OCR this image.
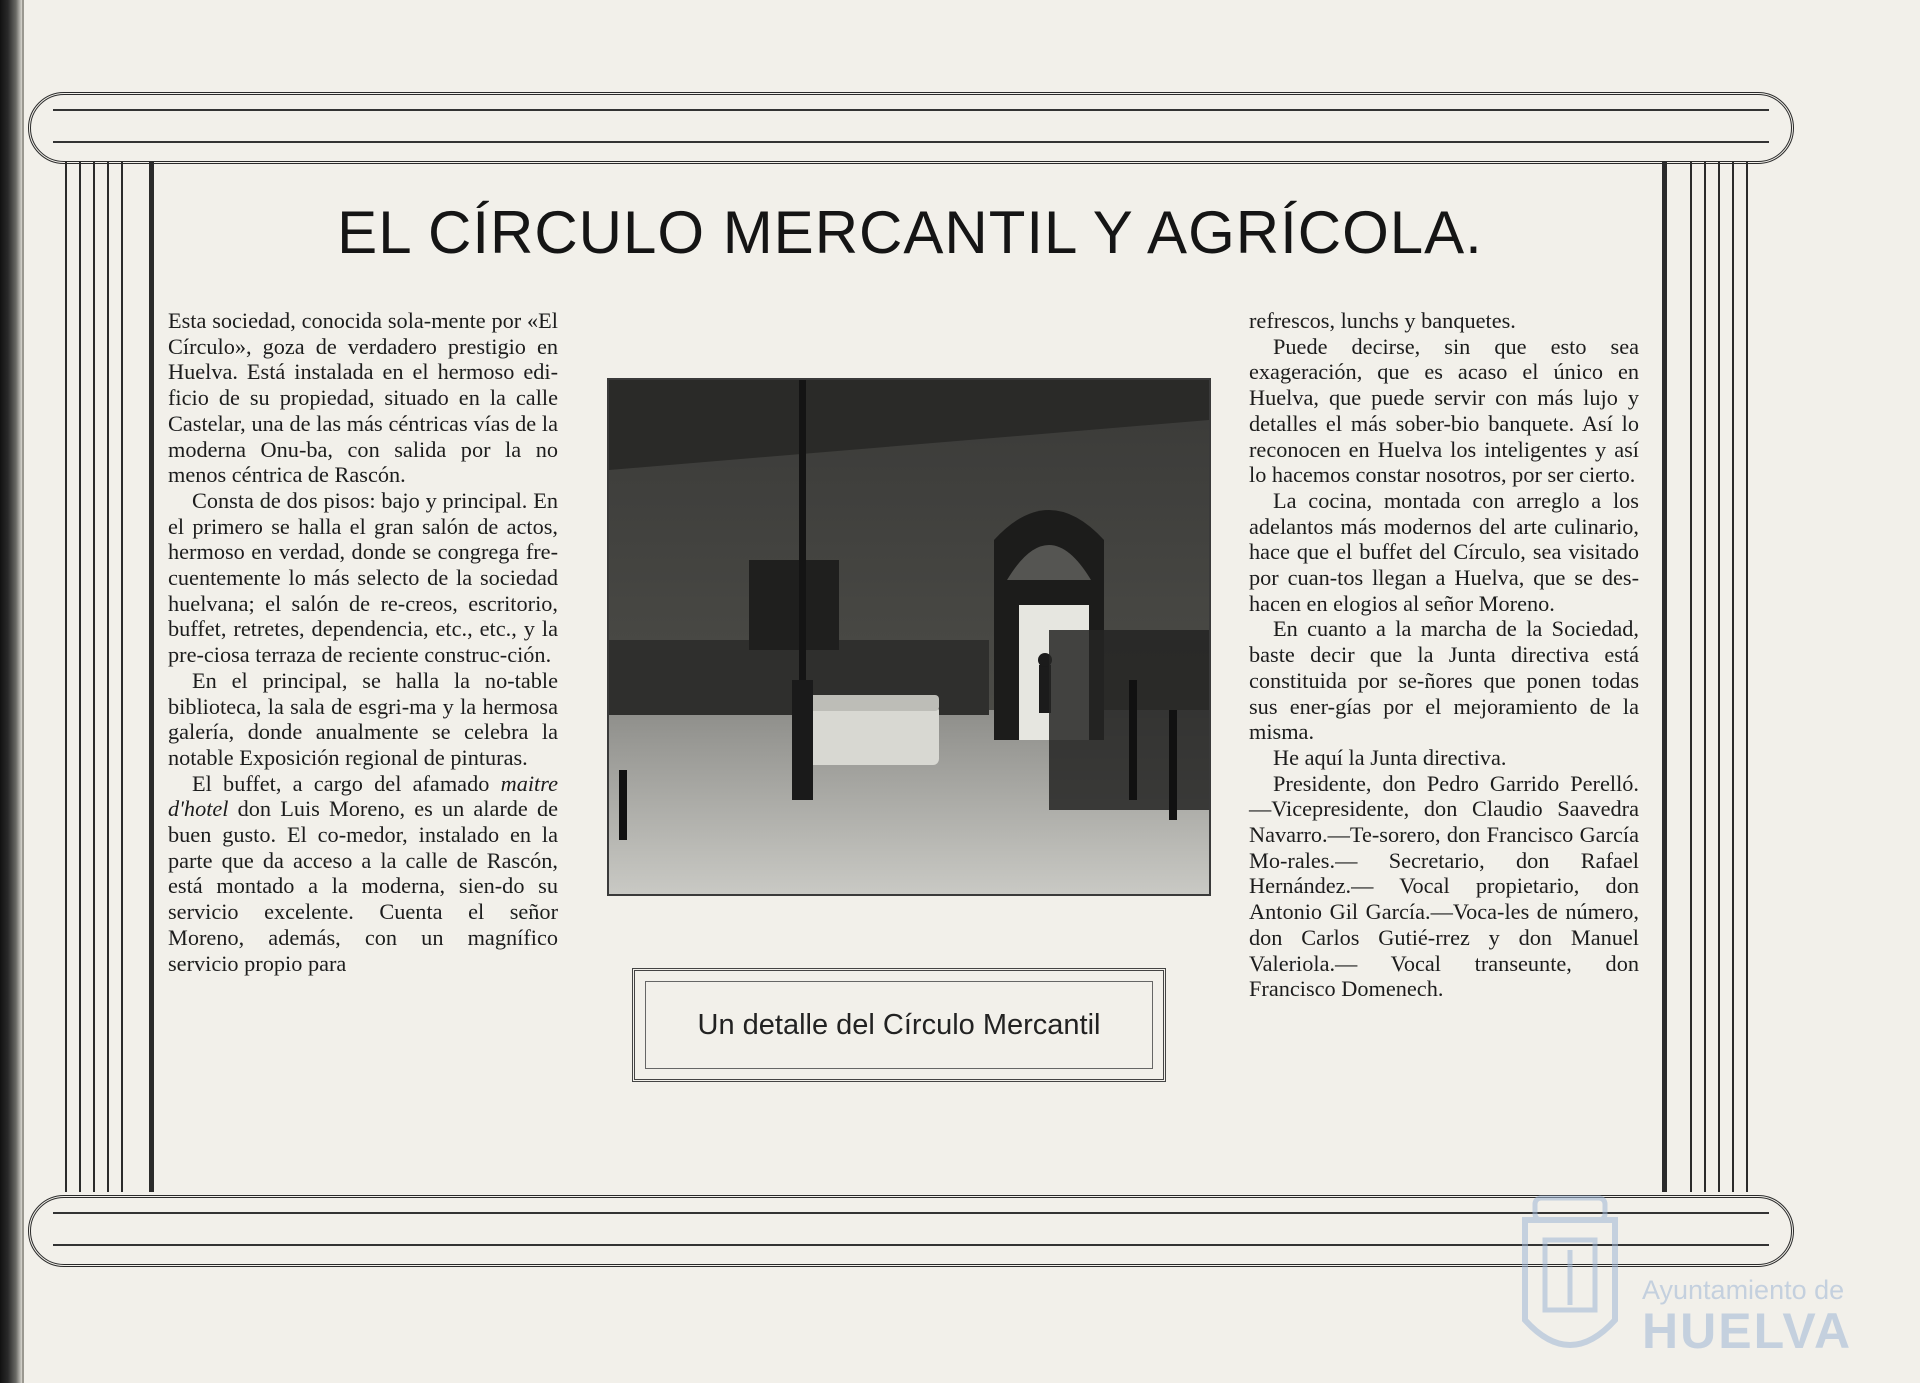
EL CÍRCULO MERCANTIL Y AGRÍCOLA.

Esta sociedad, conocida sola-mente por «El Círculo», goza de verdadero prestigio en Huelva. Está instalada en el hermoso edi-ficio de su propiedad, situado en la calle Castelar, una de las más céntricas vías de la moderna Onu-ba, con salida por la no menos céntrica de Rascón.

Consta de dos pisos: bajo y principal. En el primero se halla el gran salón de actos, hermoso en verdad, donde se congrega fre-cuentemente lo más selecto de la sociedad huelvana; el salón de re-creos, escritorio, buffet, retretes, dependencia, etc., etc., y la pre-ciosa terraza de reciente construc-ción.

En el principal, se halla la no-table biblioteca, la sala de esgri-ma y la hermosa galería, donde anualmente se celebra la notable Exposición regional de pinturas.

El buffet, a cargo del afamado maitre d'hotel don Luis Moreno, es un alarde de buen gusto. El co-medor, instalado en la parte que da acceso a la calle de Rascón, está montado a la moderna, sien-do su servicio excelente. Cuenta el señor Moreno, además, con un magnífico servicio propio para

Un detalle del Círculo Mercantil

refrescos, lunchs y banquetes.

Puede decirse, sin que esto sea exageración, que es acaso el único en Huelva, que puede servir con más lujo y detalles el más sober-bio banquete. Así lo reconocen en Huelva los inteligentes y así lo hacemos constar nosotros, por ser cierto.

La cocina, montada con arreglo a los adelantos más modernos del arte culinario, hace que el buffet del Círculo, sea visitado por cuan-tos llegan a Huelva, que se des-hacen en elogios al señor Moreno.

En cuanto a la marcha de la Sociedad, baste decir que la Junta directiva está constituida por se-ñores que ponen todas sus ener-gías por el mejoramiento de la misma.

He aquí la Junta directiva.

Presidente, don Pedro Garrido Perelló.—Vicepresidente, don Claudio Saavedra Navarro.—Te-sorero, don Francisco García Mo-rales.— Secretario, don Rafael Hernández.— Vocal propietario, don Antonio Gil García.—Voca-les de número, don Carlos Gutié-rrez y don Manuel Valeriola.— Vocal transeunte, don Francisco Domenech.

Ayuntamiento de
HUELVA
